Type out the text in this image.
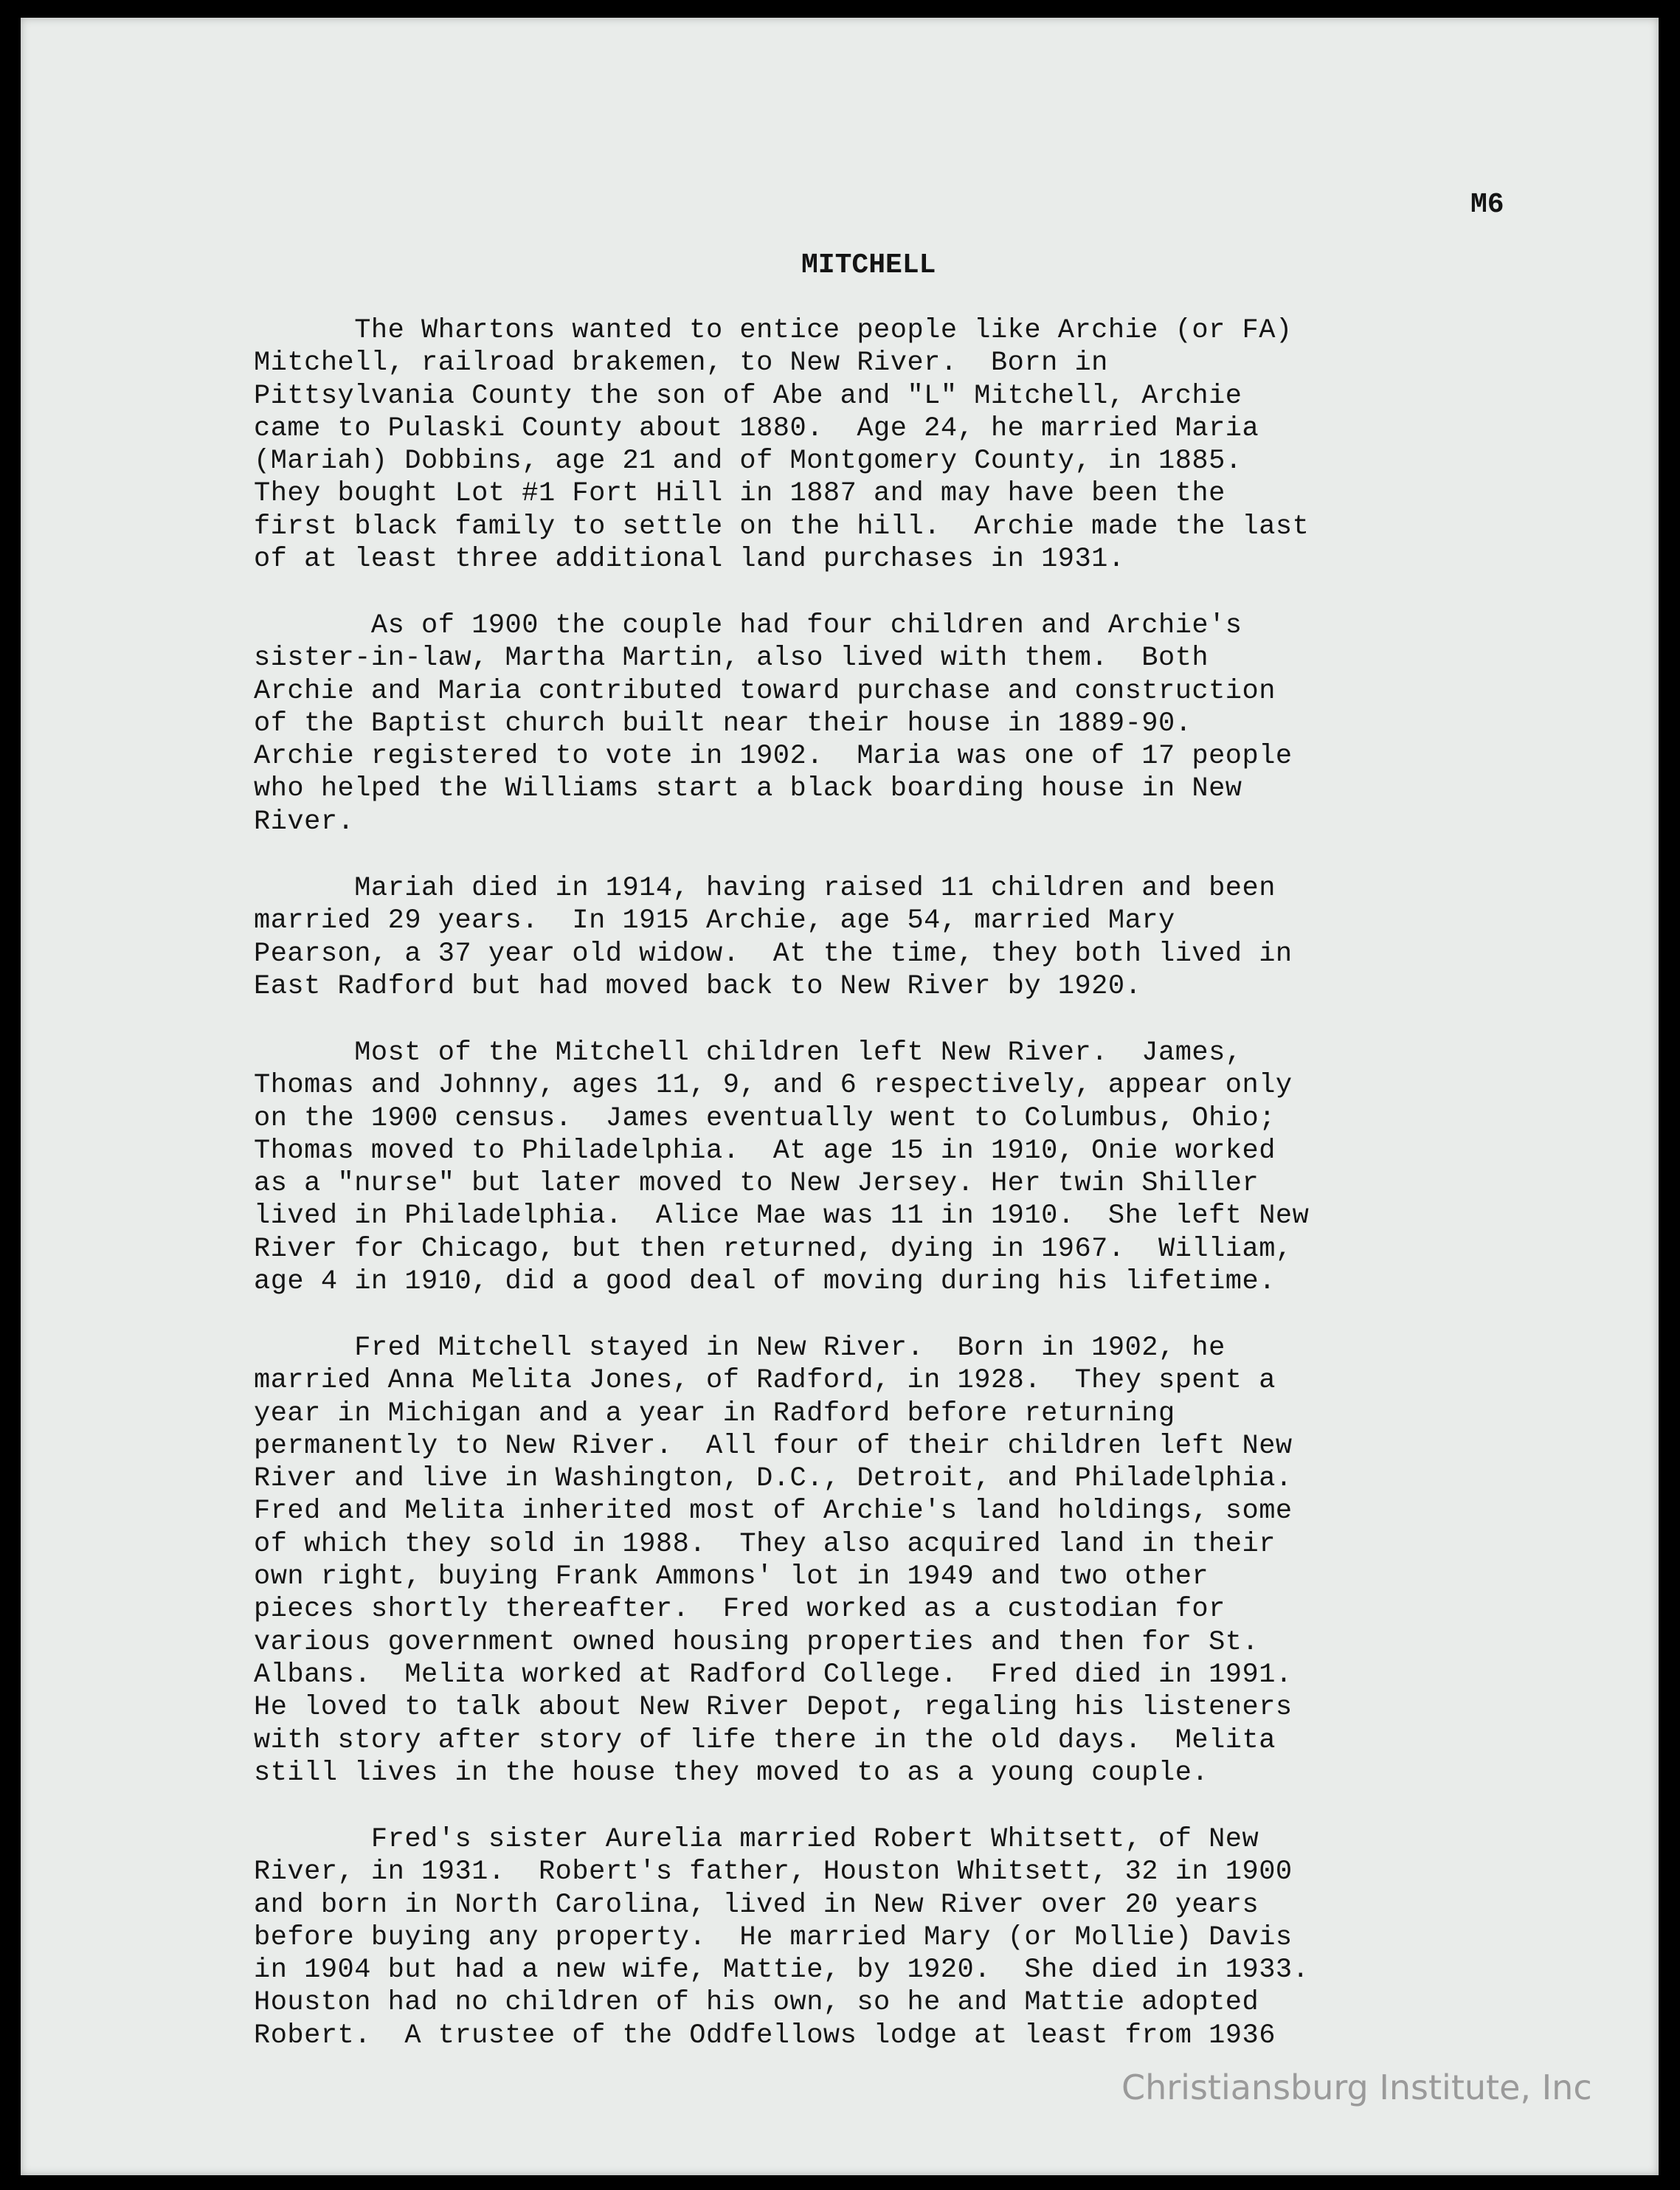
M6

MITCHELL

The Whartons wanted to entice people like Archie (or FA)
Mitchell, railroad brakemen, to New River.  Born in
Pittsylvania County the son of Abe and "L" Mitchell, Archie
came to Pulaski County about 1880.  Age 24, he married Maria
(Mariah) Dobbins, age 21 and of Montgomery County, in 1885.
They bought Lot #1 Fort Hill in 1887 and may have been the
first black family to settle on the hill.  Archie made the last
of at least three additional land purchases in 1931.

As of 1900 the couple had four children and Archie's
sister-in-law, Martha Martin, also lived with them.  Both
Archie and Maria contributed toward purchase and construction
of the Baptist church built near their house in 1889-90.
Archie registered to vote in 1902.  Maria was one of 17 people
who helped the Williams start a black boarding house in New
River.

Mariah died in 1914, having raised 11 children and been
married 29 years.  In 1915 Archie, age 54, married Mary
Pearson, a 37 year old widow.  At the time, they both lived in
East Radford but had moved back to New River by 1920.

Most of the Mitchell children left New River.  James,
Thomas and Johnny, ages 11, 9, and 6 respectively, appear only
on the 1900 census.  James eventually went to Columbus, Ohio;
Thomas moved to Philadelphia.  At age 15 in 1910, Onie worked
as a "nurse" but later moved to New Jersey. Her twin Shiller
lived in Philadelphia.  Alice Mae was 11 in 1910.  She left New
River for Chicago, but then returned, dying in 1967.  William,
age 4 in 1910, did a good deal of moving during his lifetime.

Fred Mitchell stayed in New River.  Born in 1902, he
married Anna Melita Jones, of Radford, in 1928.  They spent a
year in Michigan and a year in Radford before returning
permanently to New River.  All four of their children left New
River and live in Washington, D.C., Detroit, and Philadelphia.
Fred and Melita inherited most of Archie's land holdings, some
of which they sold in 1988.  They also acquired land in their
own right, buying Frank Ammons' lot in 1949 and two other
pieces shortly thereafter.  Fred worked as a custodian for
various government owned housing properties and then for St.
Albans.  Melita worked at Radford College.  Fred died in 1991.
He loved to talk about New River Depot, regaling his listeners
with story after story of life there in the old days.  Melita
still lives in the house they moved to as a young couple.

Fred's sister Aurelia married Robert Whitsett, of New
River, in 1931.  Robert's father, Houston Whitsett, 32 in 1900
and born in North Carolina, lived in New River over 20 years
before buying any property.  He married Mary (or Mollie) Davis
in 1904 but had a new wife, Mattie, by 1920.  She died in 1933.
Houston had no children of his own, so he and Mattie adopted
Robert.  A trustee of the Oddfellows lodge at least from 1936

Christiansburg Institute, Inc
